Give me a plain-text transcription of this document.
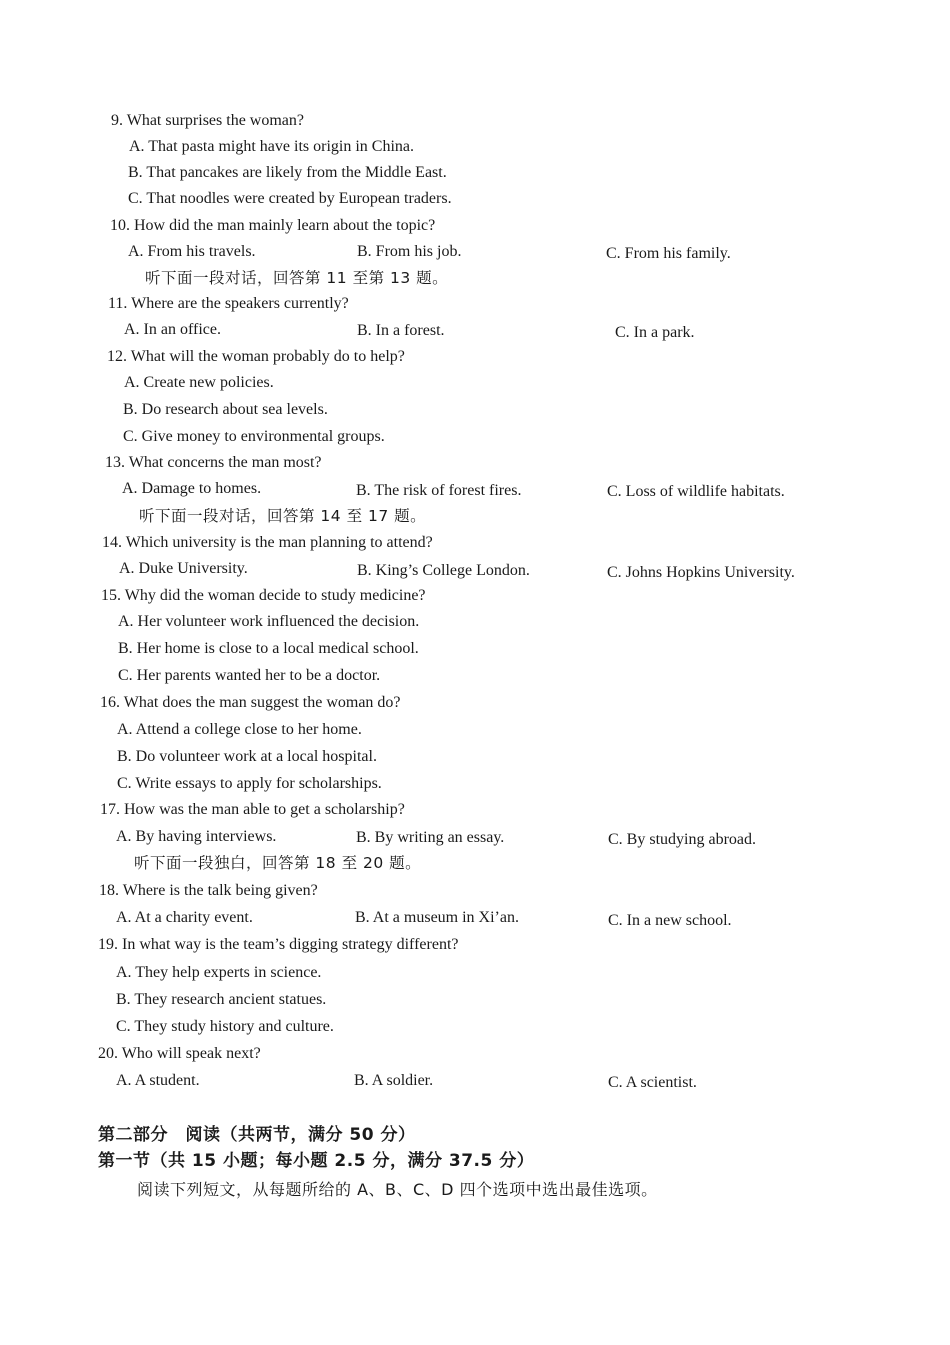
9. What surprises the woman?
A. That pasta might have its origin in China.
B. That pancakes are likely from the Middle East.
C. That noodles were created by European traders.
10. How did the man mainly learn about the topic?
A. From his travels.	B. From his job.	C. From his family.
听下面一段对话，回答第 11 至第 13 题。
11. Where are the speakers currently?
A. In an office.	B. In a forest.	C. In a park.
12. What will the woman probably do to help?
A. Create new policies.
B. Do research about sea levels.
C. Give money to environmental groups.
13. What concerns the man most?
A. Damage to homes.	B. The risk of forest fires.	C. Loss of wildlife habitats.
听下面一段对话，回答第 14 至 17 题。
14. Which university is the man planning to attend?
A. Duke University.	B. King’s College London.	C. Johns Hopkins University.
15. Why did the woman decide to study medicine?
A. Her volunteer work influenced the decision.
B. Her home is close to a local medical school.
C. Her parents wanted her to be a doctor.
16. What does the man suggest the woman do?
A. Attend a college close to her home.
B. Do volunteer work at a local hospital.
C. Write essays to apply for scholarships.
17. How was the man able to get a scholarship?
A. By having interviews.	B. By writing an essay.	C. By studying abroad.
听下面一段独白，回答第 18 至 20 题。
18. Where is the talk being given?
A. At a charity event.	B. At a museum in Xi’an.	C. In a new school.
19. In what way is the team’s digging strategy different?
A. They help experts in science.
B. They research ancient statues.
C. They study history and culture.
20. Who will speak next?
A. A student.	B. A soldier.	C. A scientist.
第二部分　阅读（共两节，满分 50 分）
第一节（共 15 小题；每小题 2.5 分，满分 37.5 分）
阅读下列短文，从每题所给的 A、B、C、D 四个选项中选出最佳选项。
